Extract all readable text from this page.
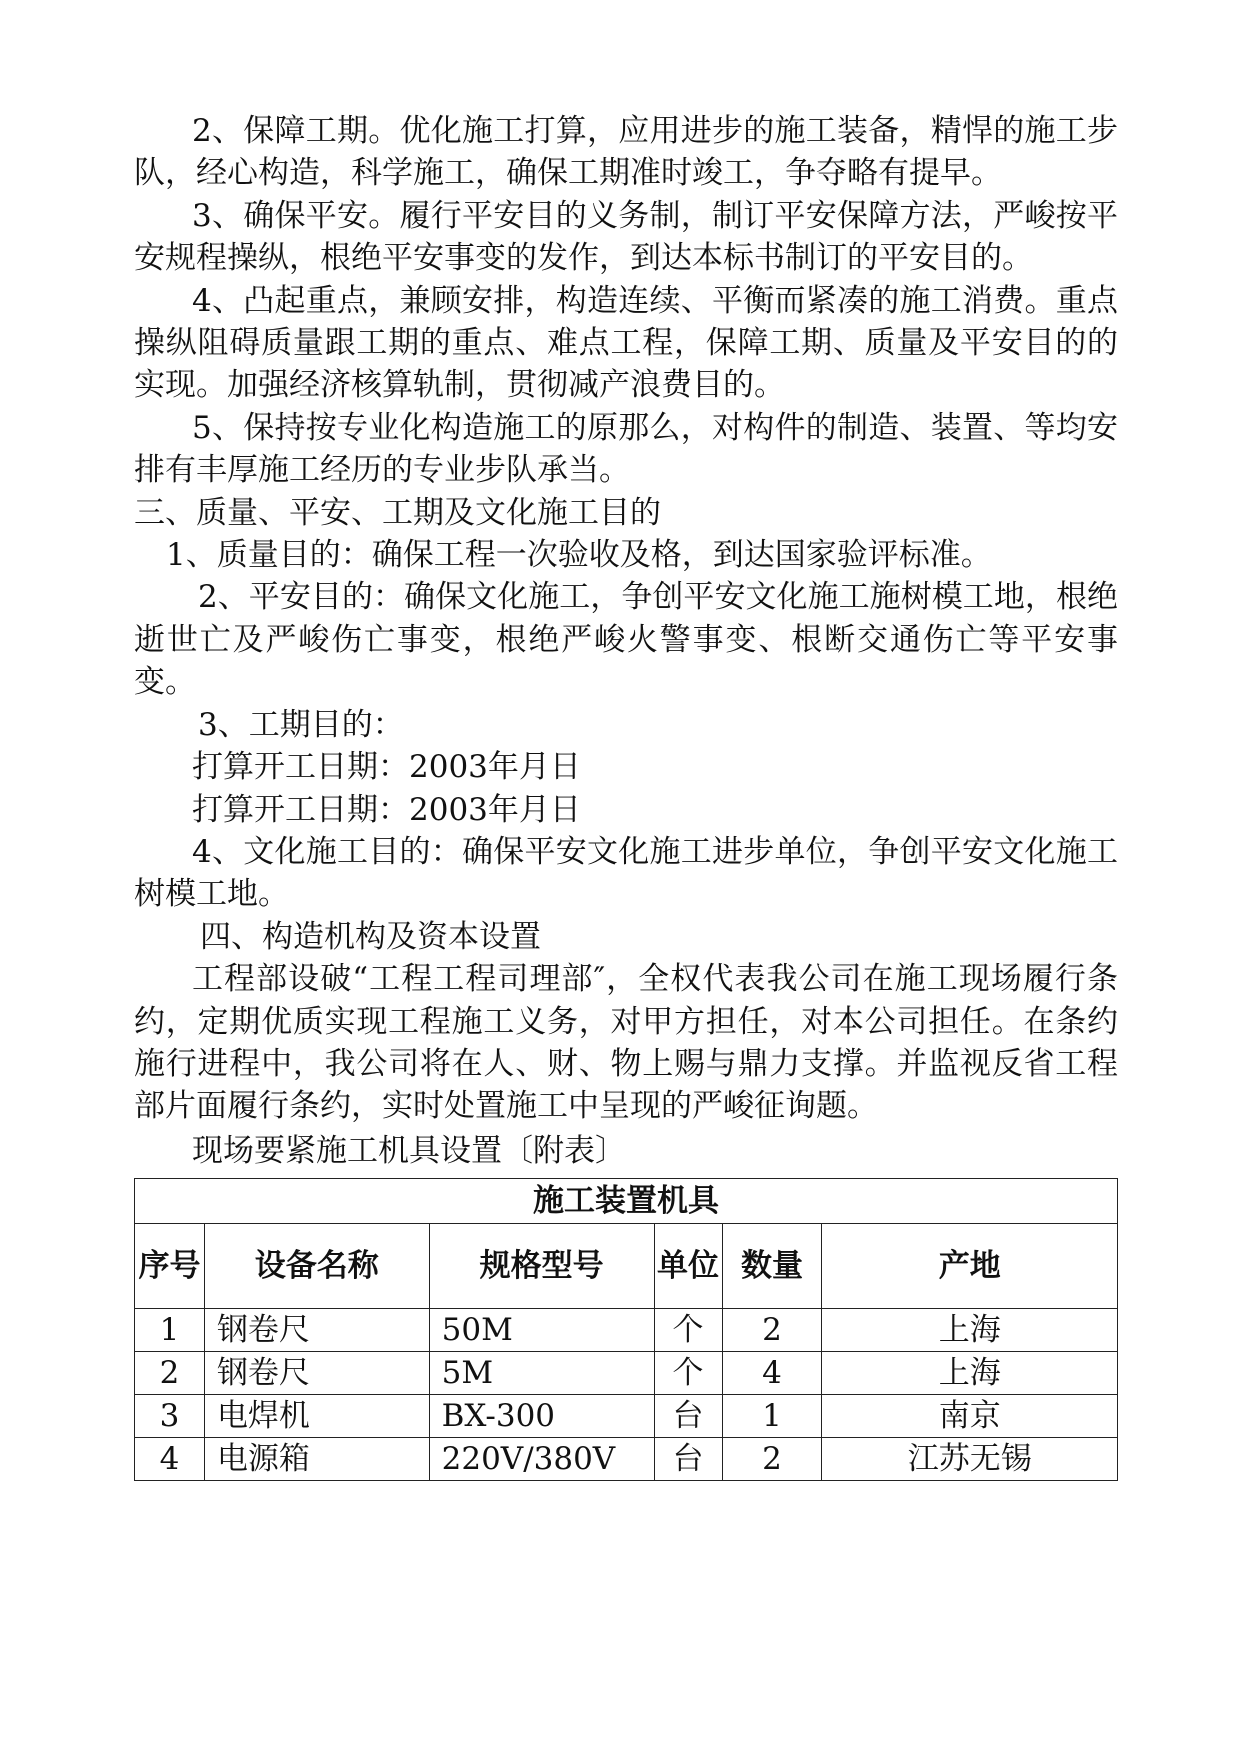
2、保障工期。优化施工打算，应用进步的施工装备，精悍的施工步队，经心构造，科学施工，确保工期准时竣工，争夺略有提早。

3、确保平安。履行平安目的义务制，制订平安保障方法，严峻按平安规程操纵，根绝平安事变的发作，到达本标书制订的平安目的。

4、凸起重点，兼顾安排，构造连续、平衡而紧凑的施工消费。重点操纵阻碍质量跟工期的重点、难点工程，保障工期、质量及平安目的的实现。加强经济核算轨制，贯彻减产浪费目的。

5、保持按专业化构造施工的原那么，对构件的制造、装置、等均安排有丰厚施工经历的专业步队承当。

三、质量、平安、工期及文化施工目的

1、质量目的：确保工程一次验收及格，到达国家验评标准。

2、平安目的：确保文化施工，争创平安文化施工施树模工地，根绝逝世亡及严峻伤亡事变，根绝严峻火警事变、根断交通伤亡等平安事变。

3、工期目的：

打算开工日期：2003年月日

打算开工日期：2003年月日

4、文化施工目的：确保平安文化施工进步单位，争创平安文化施工树模工地。

四、构造机构及资本设置

工程部设破“工程工程司理部″，全权代表我公司在施工现场履行条约，定期优质实现工程施工义务，对甲方担任，对本公司担任。在条约施行进程中，我公司将在人、财、物上赐与鼎力支撑。并监视反省工程部片面履行条约，实时处置施工中呈现的严峻征询题。

现场要紧施工机具设置〔附表〕

施工装置机具					
序号	设备名称	规格型号	单位	数量	产地
1	钢卷尺	50M	个	2	上海
2	钢卷尺	5M	个	4	上海
3	电焊机	BX-300	台	1	南京
4	电源箱	220V/380V	台	2	江苏无锡
